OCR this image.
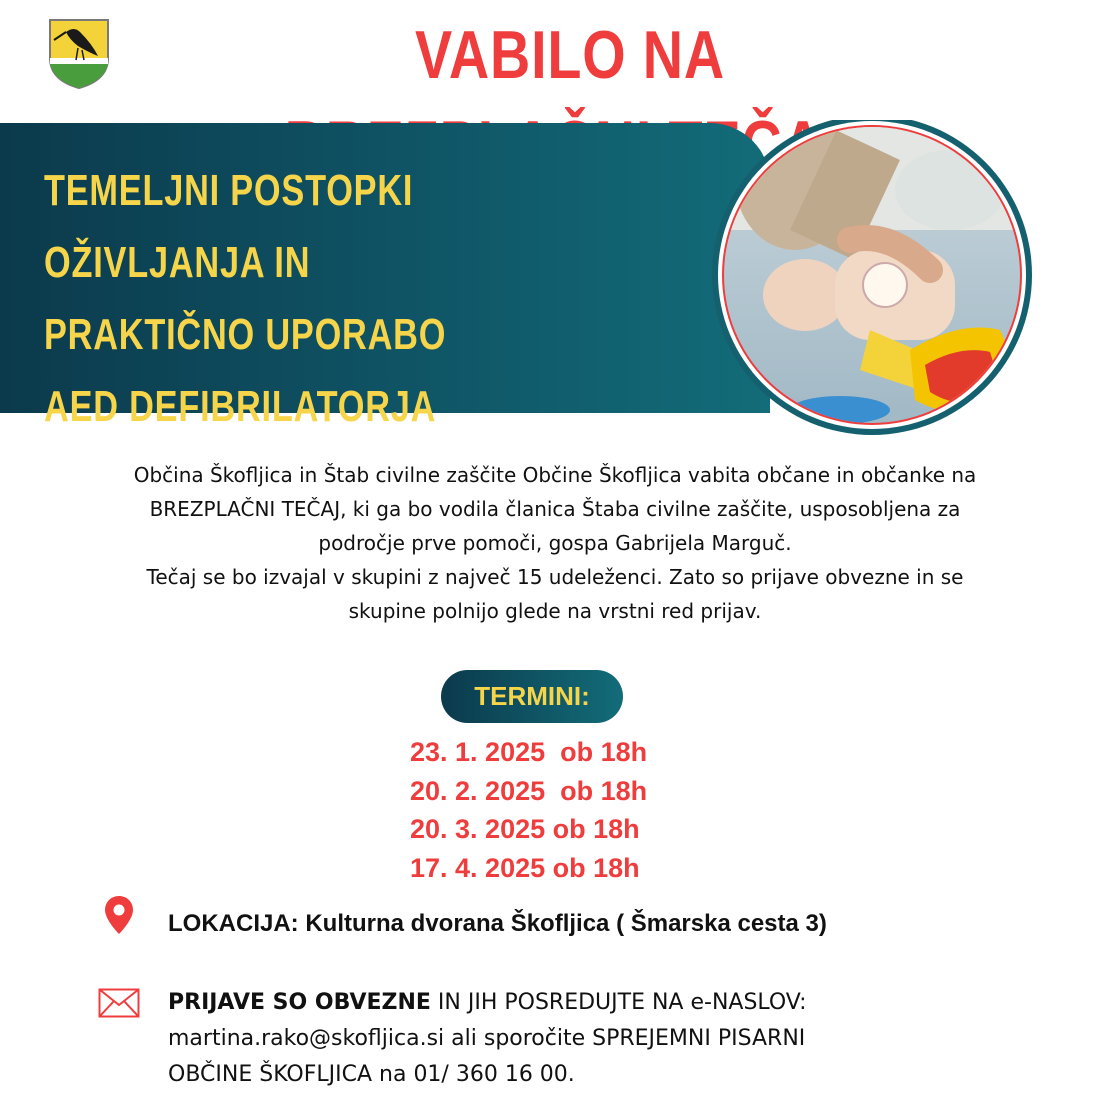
VABILO NA TEČAJ
TEMELJNI POSTOPKI OŽIVLJANJA IN
PRAKTIČNO UPORABO
AED DEFIBRILATORJA
Občina Škofljica in Štab civilne zaščite Občine Škofljica vabita občane in občanke na
BREZPLAČNI TEČAJ, ki ga bo vodila članica Štaba civilne zaščite, usposobljena za
področje prve pomoči, gospa Gabrijela Marguč.
Tečaj se bo izvajal v skupini z največ 15 udeleženci. Zato so prijave obvezne in se
skupine polnijo glede na vrstni red prijav.
TERMINI:
23. 1. 2025  ob 18h
20. 2. 2025  ob 18h
20. 3. 2025 ob 18h
17. 4. 2025 ob 18h
LOKACIJA: Kulturna dvorana Škofljica ( Šmarska cesta 3)
PRIJAVE SO OBVEZNE IN JIH POSREDUJTE NA e-NASLOV:
martina.rako@skofljica.si ali sporočite SPREJEMNI PISARNI
OBČINE ŠKOFLJICA na 01/ 360 16 00.
